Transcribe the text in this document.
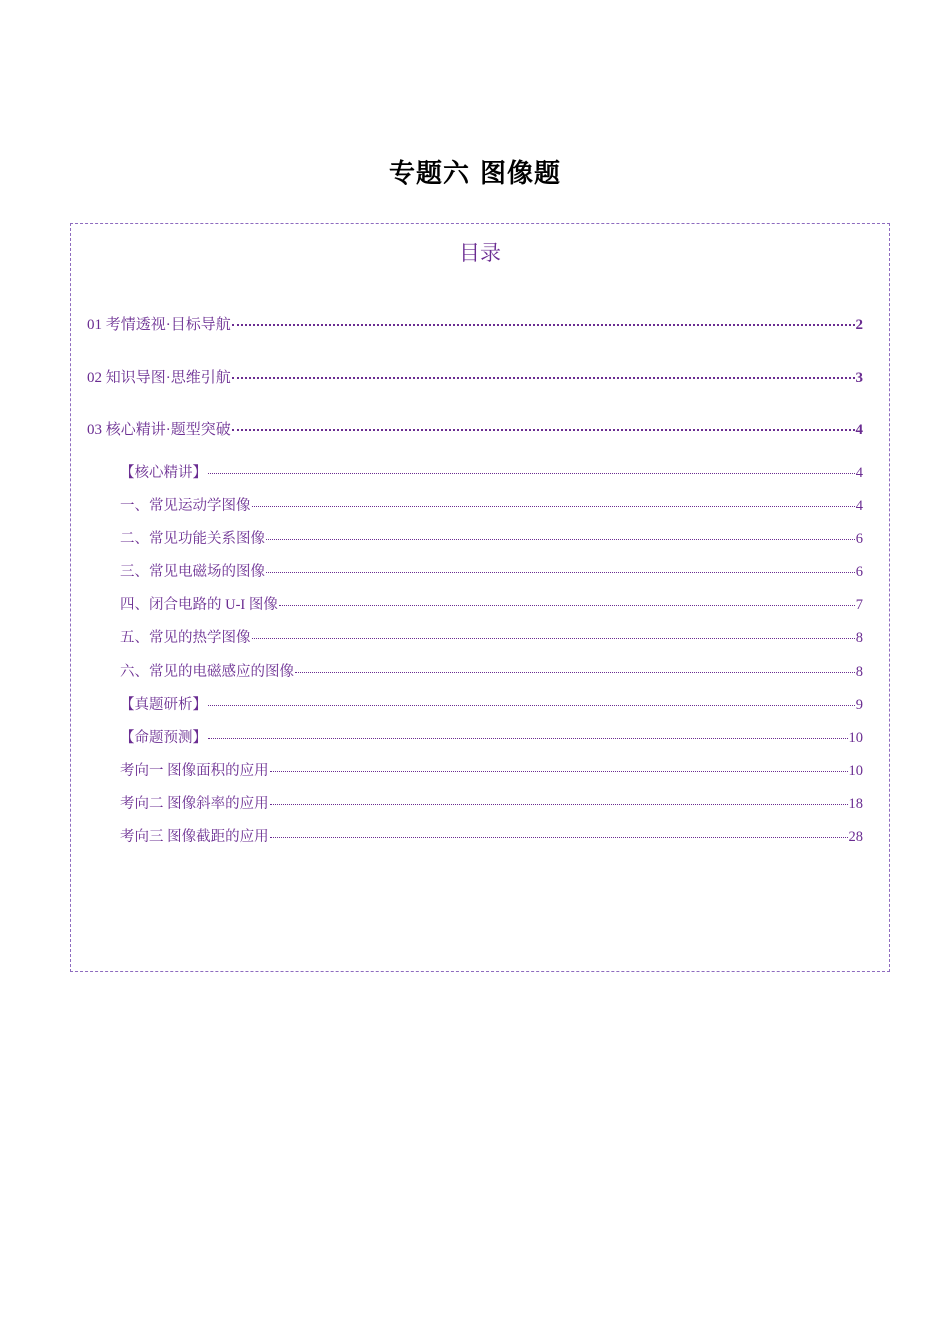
专题六 图像题
目录
01 考情透视·目标导航	2
02 知识导图·思维引航	3
03 核心精讲·题型突破	4
【核心精讲】	4
一、常见运动学图像	4
二、常见功能关系图像	6
三、常见电磁场的图像	6
四、闭合电路的 U-I 图像	7
五、常见的热学图像	8
六、常见的电磁感应的图像	8
【真题研析】	9
【命题预测】	10
考向一 图像面积的应用	10
考向二 图像斜率的应用	18
考向三 图像截距的应用	28
